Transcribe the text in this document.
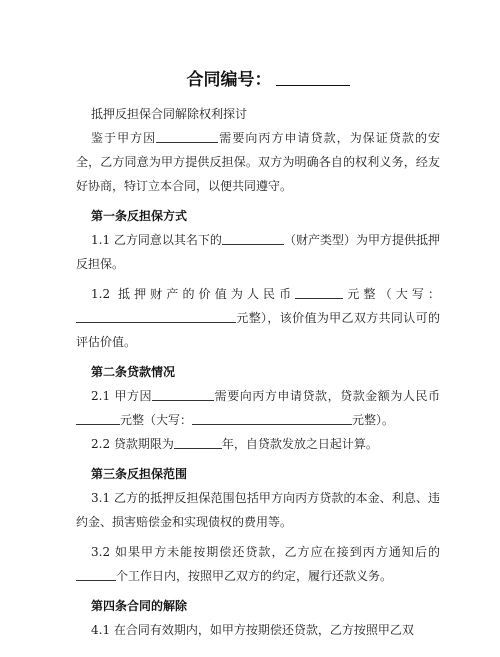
合同编号：

抵押反担保合同解除权利探讨

鉴于甲方因	需要向丙方申请贷款，为保证贷款的安全，乙方同意为甲方提供反担保。双方为明确各自的权利义务，经友好协商，特订立本合同，以便共同遵守。

第一条反担保方式

1.1 乙方同意以其名下的	（财产类型）为甲方提供抵押反担保。

1.2 抵押财产的价值为人民币	元整（大写：元整），该价值为甲乙双方共同认可的评估价值。

第二条贷款情况

2.1 甲方因	需要向丙方申请贷款，贷款金额为人民币元整（大写：	元整）。

2.2 贷款期限为	年，自贷款发放之日起计算。

第三条反担保范围

3.1 乙方的抵押反担保范围包括甲方向丙方贷款的本金、利息、违约金、损害赔偿金和实现债权的费用等。

3.2 如果甲方未能按期偿还贷款，乙方应在接到丙方通知后的个工作日内，按照甲乙双方的约定，履行还款义务。

第四条合同的解除

4.1 在合同有效期内，如甲方按期偿还贷款，乙方按照甲乙双
